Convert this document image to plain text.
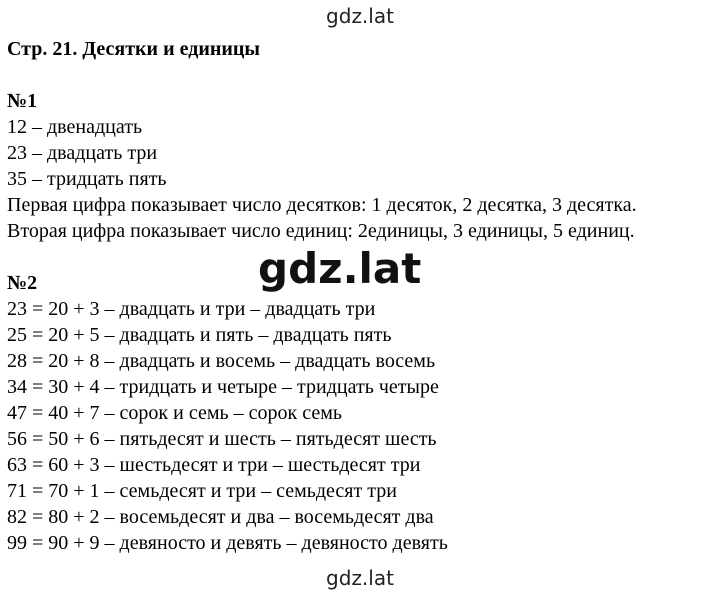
gdz.lat
Стр. 21. Десятки и единицы
№1
12 – двенадцать
23 – двадцать три
35 – тридцать пять
Первая цифра показывает число десятков: 1 десяток, 2 десятка, 3 десятка.
Вторая цифра показывает число единиц: 2единицы, 3 единицы, 5 единиц.
№2
23 = 20 + 3 – двадцать и три – двадцать три
25 = 20 + 5 – двадцать и пять – двадцать пять
28 = 20 + 8 – двадцать и восемь – двадцать восемь
34 = 30 + 4 – тридцать и четыре – тридцать четыре
47 = 40 + 7 – сорок и семь – сорок семь
56 = 50 + 6 – пятьдесят и шесть – пятьдесят шесть
63 = 60 + 3 – шестьдесят и три – шестьдесят три
71 = 70 + 1 – семьдесят и три – семьдесят три
82 = 80 + 2 – восемьдесят и два – восемьдесят два
99 = 90 + 9 – девяносто и девять – девяносто девять
gdz.lat
gdz.lat
